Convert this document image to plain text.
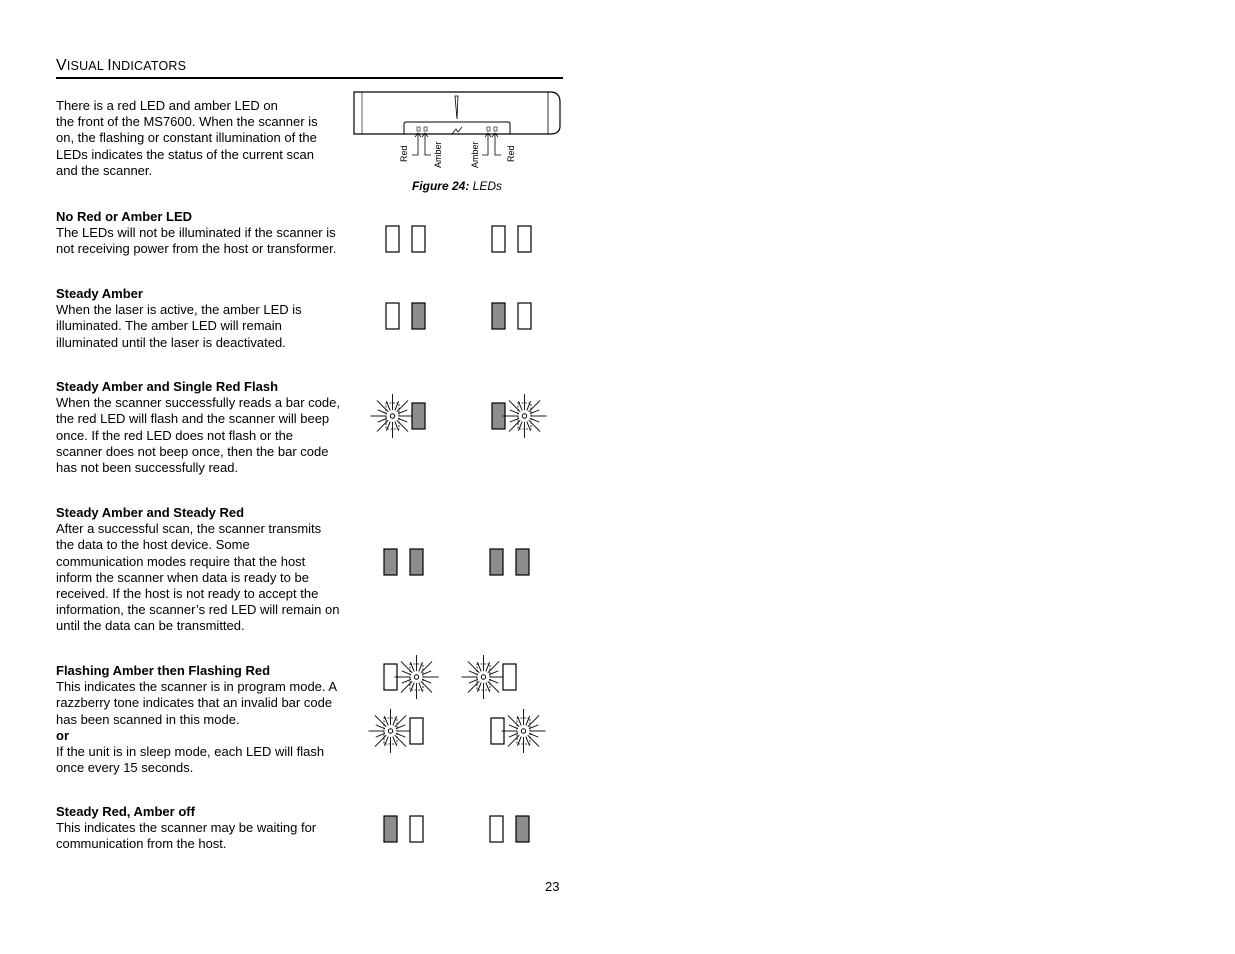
VISUAL INDICATORS
There is a red LED and amber LED on
the front of the MS7600. When the scanner is
on, the flashing or constant illumination of the
LEDs indicates the status of the current scan
and the scanner.
Red	Amber	Amber	Red
Figure 24: LEDs
No Red or Amber LED
The LEDs will not be illuminated if the scanner is
not receiving power from the host or transformer.
Steady Amber
When the laser is active, the amber LED is
illuminated. The amber LED will remain
illuminated until the laser is deactivated.
Steady Amber and Single Red Flash
When the scanner successfully reads a bar code,
the red LED will flash and the scanner will beep
once. If the red LED does not flash or the
scanner does not beep once, then the bar code
has not been successfully read.
Steady Amber and Steady Red
After a successful scan, the scanner transmits
the data to the host device. Some
communication modes require that the host
inform the scanner when data is ready to be
received. If the host is not ready to accept the
information, the scanner’s red LED will remain on
until the data can be transmitted.
Flashing Amber then Flashing Red
This indicates the scanner is in program mode. A
razzberry tone indicates that an invalid bar code
has been scanned in this mode.
or
If the unit is in sleep mode, each LED will flash
once every 15 seconds.
Steady Red, Amber off
This indicates the scanner may be waiting for
communication from the host.
23
